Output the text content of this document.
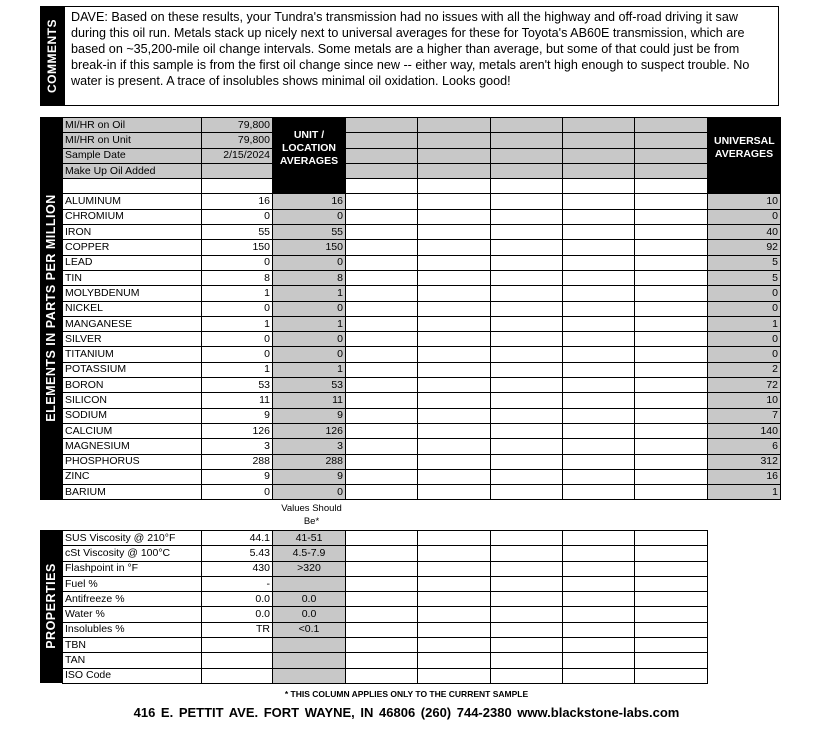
COMMENTS
DAVE: Based on these results, your Tundra's transmission had no issues with all the highway and off-road driving it saw during this oil run. Metals stack up nicely next to universal averages for these for Toyota's AB60E transmission, which are based on ~35,200-mile oil change intervals. Some metals are a higher than average, but some of that could just be from break-in if this sample is from the first oil change since new -- either way, metals aren't high enough to suspect trouble. No water is present. A trace of insolubles shows minimal oil oxidation. Looks good!
ELEMENTS IN PARTS PER MILLION
MI/HR on Oil	79,800	UNIT / LOCATION AVERAGES						UNIVERSAL AVERAGES
MI/HR on Unit	79,800							
Sample Date	2/15/2024							
Make Up Oil Added								

ALUMINUM	16	16						10
CHROMIUM	0	0						0
IRON	55	55						40
COPPER	150	150						92
LEAD	0	0						5
TIN	8	8						5
MOLYBDENUM	1	1						0
NICKEL	0	0						0
MANGANESE	1	1						1
SILVER	0	0						0
TITANIUM	0	0						0
POTASSIUM	1	1						2
BORON	53	53						72
SILICON	11	11						10
SODIUM	9	9						7
CALCIUM	126	126						140
MAGNESIUM	3	3						6
PHOSPHORUS	288	288						312
ZINC	9	9						16
BARIUM	0	0						1
PROPERTIES
Values Should Be*
SUS Viscosity @ 210°F	44.1	41-51					
cSt Viscosity @ 100°C	5.43	4.5-7.9					
Flashpoint in °F	430	>320					
Fuel %	-						
Antifreeze %	0.0	0.0					
Water %	0.0	0.0					
Insolubles %	TR	<0.1					
TBN							
TAN							
ISO Code							
* THIS COLUMN APPLIES ONLY TO THE CURRENT SAMPLE
416 E. PETTIT AVE. FORT WAYNE, IN 46806 (260) 744-2380 www.blackstone-labs.com
